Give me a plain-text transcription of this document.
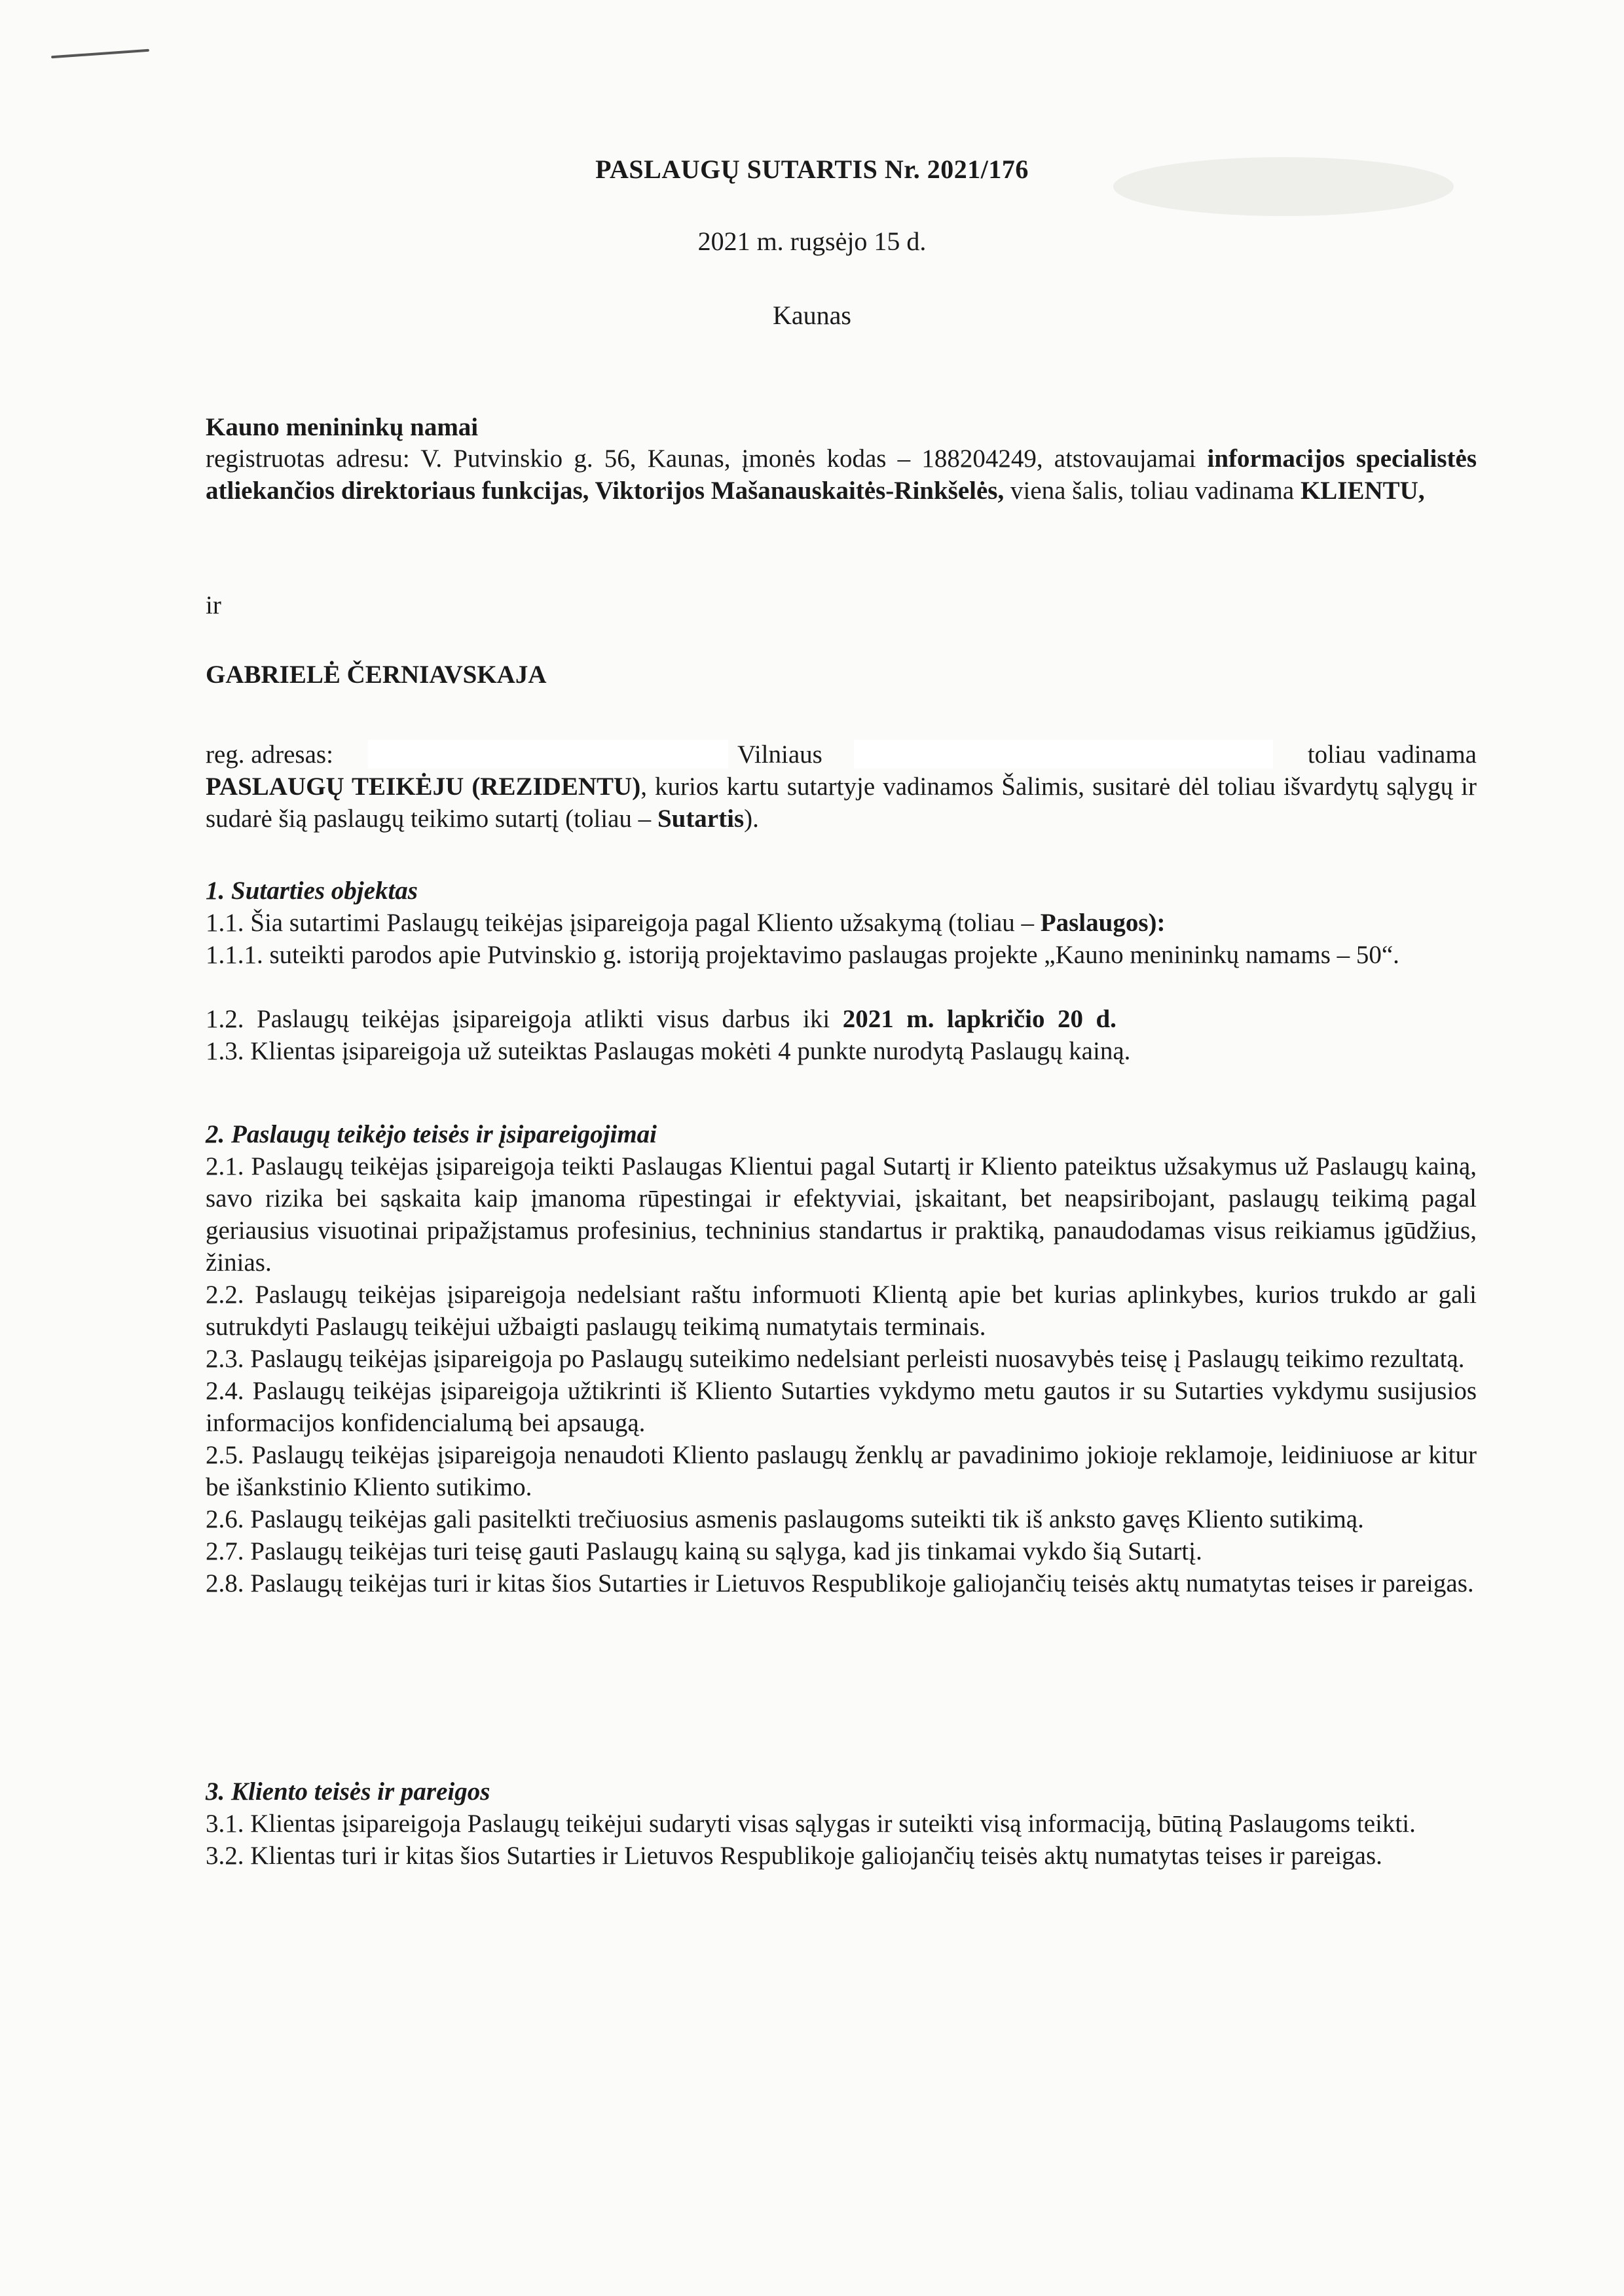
PASLAUGŲ SUTARTIS Nr. 2021/176
2021 m. rugsėjo 15 d.
Kaunas
Kauno menininkų namai

registruotas adresu: V. Putvinskio g. 56, Kaunas, įmonės kodas – 188204249, atstovaujamai informacijos specialistės atliekančios direktoriaus funkcijas, Viktorijos Mašanauskaitės-Rinkšelės, viena šalis, toliau vadinama KLIENTU,

ir
GABRIELĖ ČERNIAVSKAJA
reg. adresas:	Vilniaus	toliau vadinama

PASLAUGŲ TEIKĖJU (REZIDENTU), kurios kartu sutartyje vadinamos Šalimis, susitarė dėl toliau išvardytų sąlygų ir sudarė šią paslaugų teikimo sutartį (toliau – Sutartis).

1. Sutarties objektas

1.1. Šia sutartimi Paslaugų teikėjas įsipareigoja pagal Kliento užsakymą (toliau – Paslaugos):

1.1.1. suteikti parodos apie Putvinskio g. istoriją projektavimo paslaugas projekte „Kauno menininkų namams – 50“.

1.2.  Paslaugų  teikėjas  įsipareigoja  atlikti  visus  darbus  iki  2021  m.  lapkričio  20  d.

1.3. Klientas įsipareigoja už suteiktas Paslaugas mokėti 4 punkte nurodytą Paslaugų kainą.

2. Paslaugų teikėjo teisės ir įsipareigojimai

2.1. Paslaugų teikėjas įsipareigoja teikti Paslaugas Klientui pagal Sutartį ir Kliento pateiktus užsakymus už Paslaugų kainą, savo rizika bei sąskaita kaip įmanoma rūpestingai ir efektyviai, įskaitant, bet neapsiribojant, paslaugų teikimą pagal geriausius visuotinai pripažįstamus profesinius, techninius standartus ir praktiką, panaudodamas visus reikiamus įgūdžius, žinias.

2.2. Paslaugų teikėjas įsipareigoja nedelsiant raštu informuoti Klientą apie bet kurias aplinkybes, kurios trukdo ar gali sutrukdyti Paslaugų teikėjui užbaigti paslaugų teikimą numatytais terminais.

2.3. Paslaugų teikėjas įsipareigoja po Paslaugų suteikimo nedelsiant perleisti nuosavybės teisę į Paslaugų teikimo rezultatą.

2.4. Paslaugų teikėjas įsipareigoja užtikrinti iš Kliento Sutarties vykdymo metu gautos ir su Sutarties vykdymu susijusios informacijos konfidencialumą bei apsaugą.

2.5. Paslaugų teikėjas įsipareigoja nenaudoti Kliento paslaugų ženklų ar pavadinimo jokioje reklamoje, leidiniuose ar kitur be išankstinio Kliento sutikimo.

2.6. Paslaugų teikėjas gali pasitelkti trečiuosius asmenis paslaugoms suteikti tik iš anksto gavęs Kliento sutikimą.

2.7. Paslaugų teikėjas turi teisę gauti Paslaugų kainą su sąlyga, kad jis tinkamai vykdo šią Sutartį.

2.8. Paslaugų teikėjas turi ir kitas šios Sutarties ir Lietuvos Respublikoje galiojančių teisės aktų numatytas teises ir pareigas.

3. Kliento teisės ir pareigos

3.1. Klientas įsipareigoja Paslaugų teikėjui sudaryti visas sąlygas ir suteikti visą informaciją, būtiną Paslaugoms teikti.

3.2. Klientas turi ir kitas šios Sutarties ir Lietuvos Respublikoje galiojančių teisės aktų numatytas teises ir pareigas.
